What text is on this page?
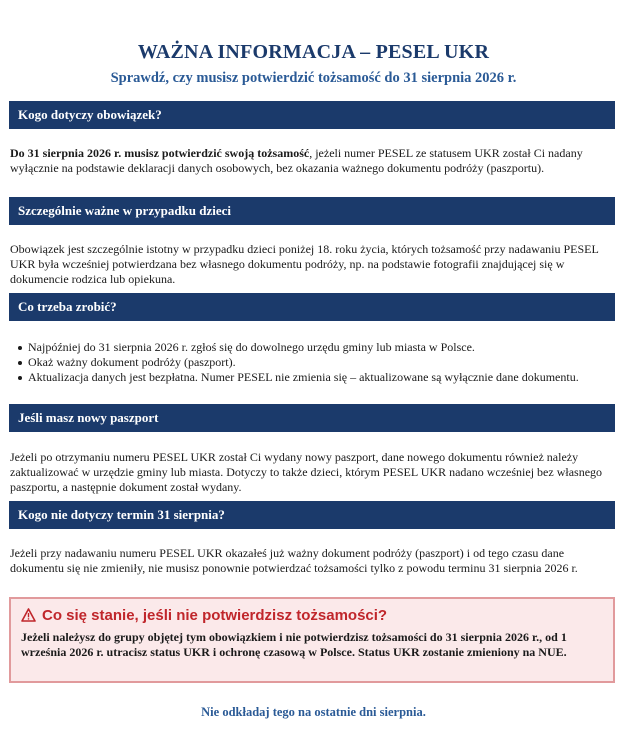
WAŻNA INFORMACJA – PESEL UKR

Sprawdź, czy musisz potwierdzić tożsamość do 31 sierpnia 2026 r.

Kogo dotyczy obowiązek?

Do 31 sierpnia 2026 r. musisz potwierdzić swoją tożsamość, jeżeli numer PESEL ze statusem UKR został Ci nadany wyłącznie na podstawie deklaracji danych osobowych, bez okazania ważnego dokumentu podróży (paszportu).

Szczególnie ważne w przypadku dzieci

Obowiązek jest szczególnie istotny w przypadku dzieci poniżej 18. roku życia, których tożsamość przy nadawaniu PESEL UKR była wcześniej potwierdzana bez własnego dokumentu podróży, np. na podstawie fotografii znajdującej się w dokumencie rodzica lub opiekuna.

Co trzeba zrobić?
Najpóźniej do 31 sierpnia 2026 r. zgłoś się do dowolnego urzędu gminy lub miasta w Polsce.
Okaż ważny dokument podróży (paszport).
Aktualizacja danych jest bezpłatna. Numer PESEL nie zmienia się – aktualizowane są wyłącznie dane dokumentu.
Jeśli masz nowy paszport

Jeżeli po otrzymaniu numeru PESEL UKR został Ci wydany nowy paszport, dane nowego dokumentu również należy zaktualizować w urzędzie gminy lub miasta. Dotyczy to także dzieci, którym PESEL UKR nadano wcześniej bez własnego paszportu, a następnie dokument został wydany.

Kogo nie dotyczy termin 31 sierpnia?

Jeżeli przy nadawaniu numeru PESEL UKR okazałeś już ważny dokument podróży (paszport) i od tego czasu dane dokumentu się nie zmieniły, nie musisz ponownie potwierdzać tożsamości tylko z powodu terminu 31 sierpnia 2026 r.

Co się stanie, jeśli nie potwierdzisz tożsamości?

Jeżeli należysz do grupy objętej tym obowiązkiem i nie potwierdzisz tożsamości do 31 sierpnia 2026 r., od 1 września 2026 r. utracisz status UKR i ochronę czasową w Polsce. Status UKR zostanie zmieniony na NUE.

Nie odkładaj tego na ostatnie dni sierpnia.
